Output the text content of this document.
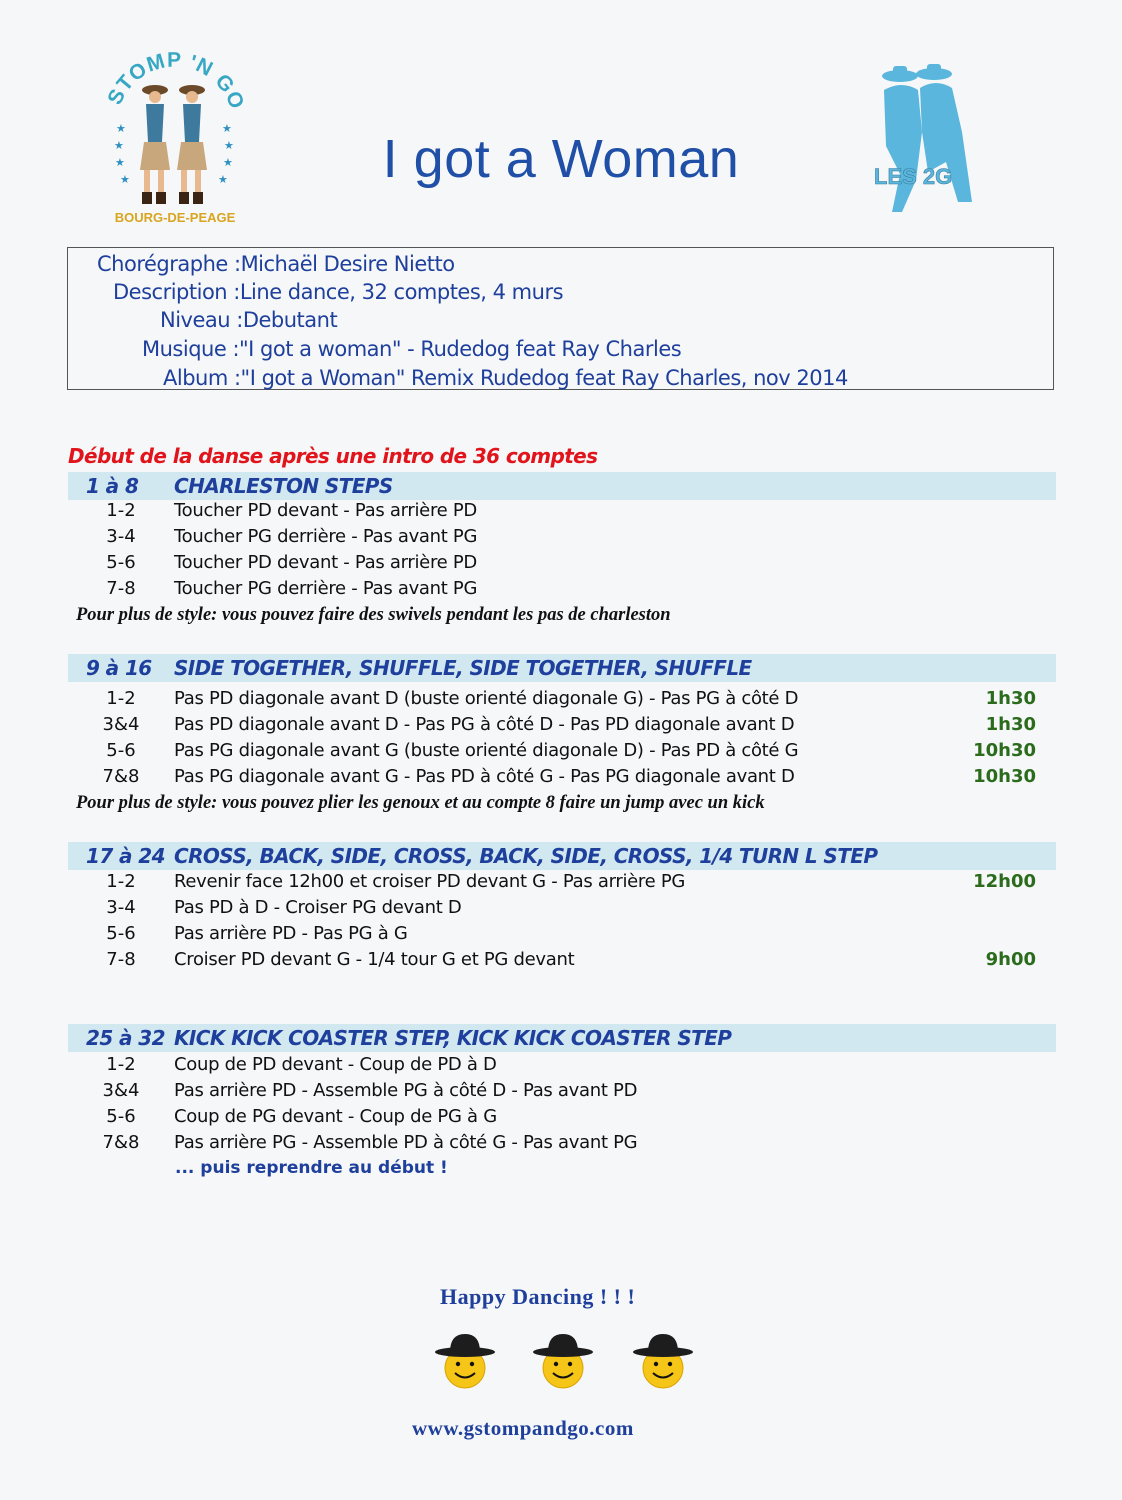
STOMP 'N GO
★
★
★
★
★
★
★
★
BOURG-DE-PEAGE
I got a Woman	LES 2G
Chorégraphe :Michaël Desire Nietto
Description :Line dance, 32 comptes, 4 murs
Niveau :Debutant
Musique :"I got a woman" - Rudedog feat Ray Charles
Album :"I got a Woman" Remix Rudedog feat Ray Charles, nov 2014
Début de la danse après une intro de 36 comptes
1 à 8 CHARLESTON STEPS
1-2	Toucher PD devant - Pas arrière PD
3-4	Toucher PG derrière - Pas avant PG
5-6	Toucher PD devant - Pas arrière PD
7-8	Toucher PG derrière - Pas avant PG
Pour plus de style: vous pouvez faire des swivels pendant les pas de charleston
9 à 16 SIDE TOGETHER, SHUFFLE, SIDE TOGETHER, SHUFFLE
1-2	Pas PD diagonale avant D (buste orienté diagonale G) - Pas PG à côté D	1h30
3&4	Pas PD diagonale avant D - Pas PG à côté D - Pas PD diagonale avant D	1h30
5-6	Pas PG diagonale avant G (buste orienté diagonale D) - Pas PD à côté G	10h30
7&8	Pas PG diagonale avant G - Pas PD à côté G - Pas PG diagonale avant D	10h30
Pour plus de style: vous pouvez plier les genoux et au compte 8 faire un jump avec un kick
17 à 24 CROSS, BACK, SIDE, CROSS, BACK, SIDE, CROSS, 1/4 TURN L STEP
1-2	Revenir face 12h00 et croiser PD devant G - Pas arrière PG	12h00
3-4	Pas PD à D - Croiser PG devant D
5-6	Pas arrière PD - Pas PG à G
7-8	Croiser PD devant G - 1/4 tour G et PG devant	9h00
25 à 32 KICK KICK COASTER STEP, KICK KICK COASTER STEP
1-2	Coup de PD devant - Coup de PD à D
3&4	Pas arrière PD - Assemble PG à côté D - Pas avant PD
5-6	Coup de PG devant - Coup de PG à G
7&8	Pas arrière PG - Assemble PD à côté G - Pas avant PG
... puis reprendre au début !
Happy Dancing ! ! !
www.gstompandgo.com
